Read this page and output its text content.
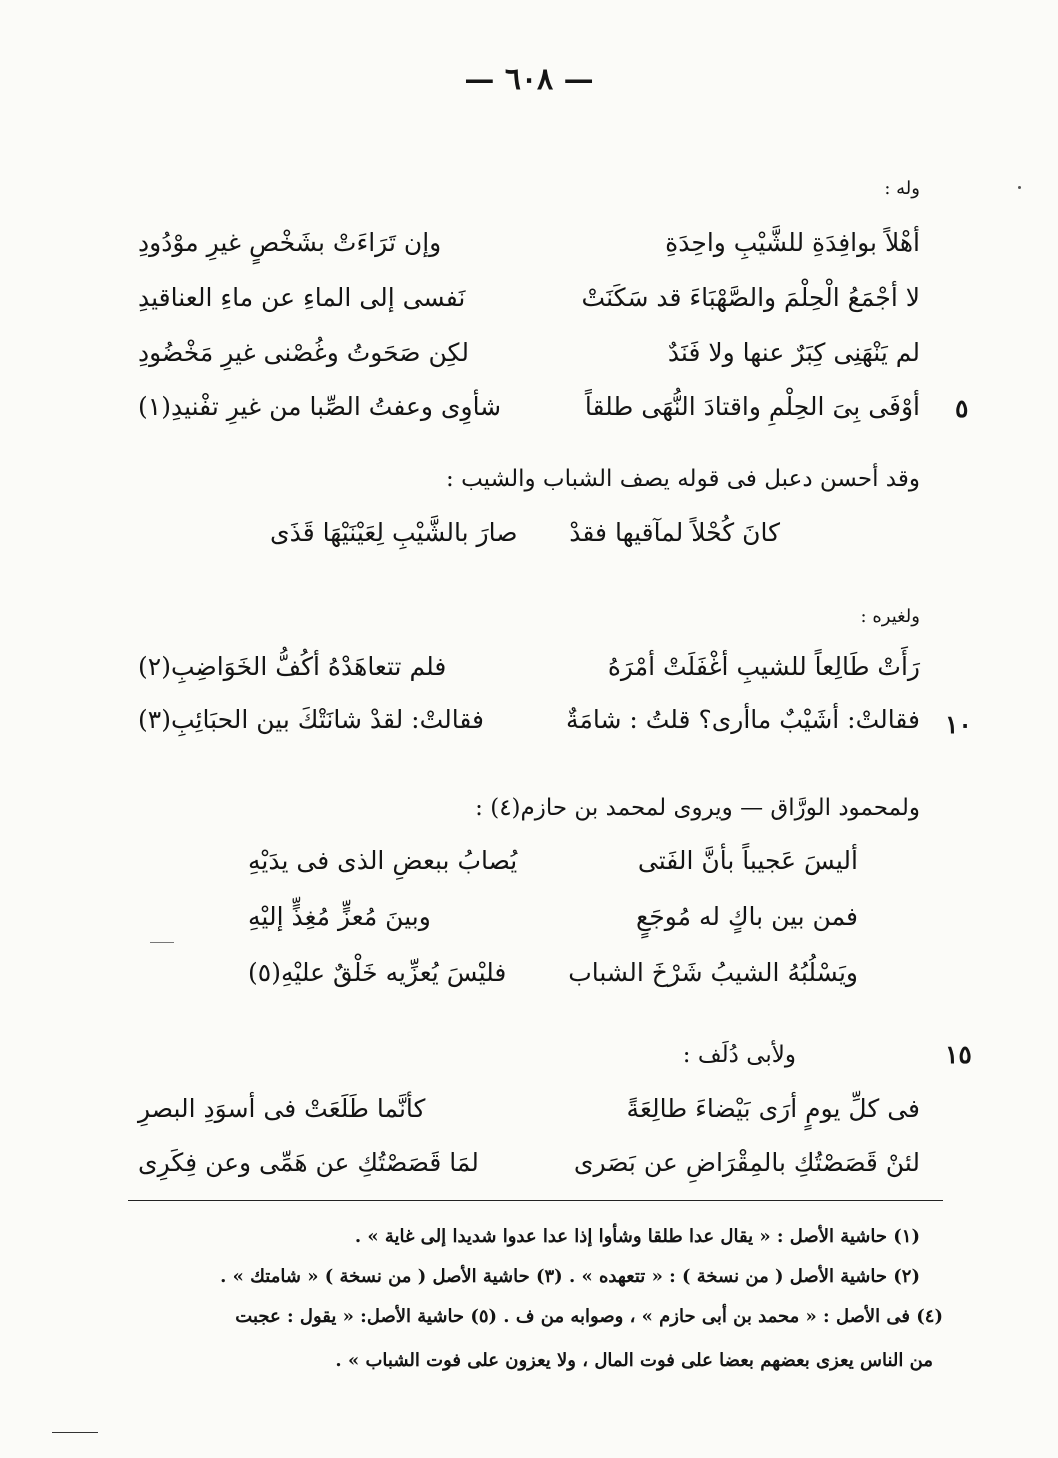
— ٦٠٨ —
وله :
أهْلاً بوافِدَةِ للشَّيْبِ واحِدَةِ
وإن تَرَاءَتْ بشَخْصٍ غيرِ موْدُودِ
لا أجْمَعُ الْحِلْمَ والصَّهْبَاءَ قد سَكَنَتْ
نَفسى إلى الماءِ عن ماءِ العناقيدِ
لم يَنْهَنِى كِبَرٌ عنها ولا فَنَدٌ
لكِن صَحَوتُ وغُصْنى غيرِ مَخْضُودِ
أوْفَى بِىَ الحِلْمِ واقتادَ النُّهَى طلقاً
شأوِى وعفتُ الصِّبا من غيرِ تفْنيدِ(١)	٥
وقد أحسن دعبل فى قوله يصف الشباب والشيب :
كانَ كُحْلاً لمآقيها فقدْ
صارَ بالشَّيْبِ لِعَيْنَيْهَا قَذَى
ولغيره :
رَأَتْ طَالِعاً للشيبِ أغْفَلَتْ أمْرَهُ
فلم تتعاهَدْهُ أكُفُّ الخَوَاضِبِ(٢)
فقالتْ: أشَيْبٌ ماأرى؟ قلتُ : شامَةٌ
فقالتْ: لقدْ شانَتْكَ بين الحبَائِبِ(٣)	١٠
ولمحمود الورَّاق — ويروى لمحمد بن حازم(٤) :
أليسَ عَجيباً بأنَّ الفَتى
يُصابُ ببعضِ الذى فى يدَيْهِ
فمن بين باكٍ له مُوجَعٍ
وبينَ مُعزٍّ مُغِذٍّ إليْهِ
ويَسْلُبُهُ الشيبُ شَرْخَ الشباب
فليْسَ يُعزِّيه خَلْقٌ عليْهِ(٥)
ولأبى دُلَف :	١٥
فى كلِّ يومٍ أرَى بَيْضاءَ طالِعَةً
كأنَّما طَلَعَتْ فى أسوَدِ البصرِ
لئنْ قَصَصْتُكِ بالمِقْرَاضِ عن بَصَرى
لمَا قَصَصْتُكِ عن هَمِّى وعن فِكَرِى
(١) حاشية الأصل : « يقال عدا طلقا وشأوا إذا عدا عدوا شديدا إلى غاية » .
(٢) حاشية الأصل ( من نسخة ) : « تتعهده » . (٣) حاشية الأصل ( من نسخة ) « شامتك » .
(٤) فى الأصل : « محمد بن أبى حازم » ، وصوابه من ف . (٥) حاشية الأصل: « يقول : عجبت
من الناس يعزى بعضهم بعضا على فوت المال ، ولا يعزون على فوت الشباب » .
